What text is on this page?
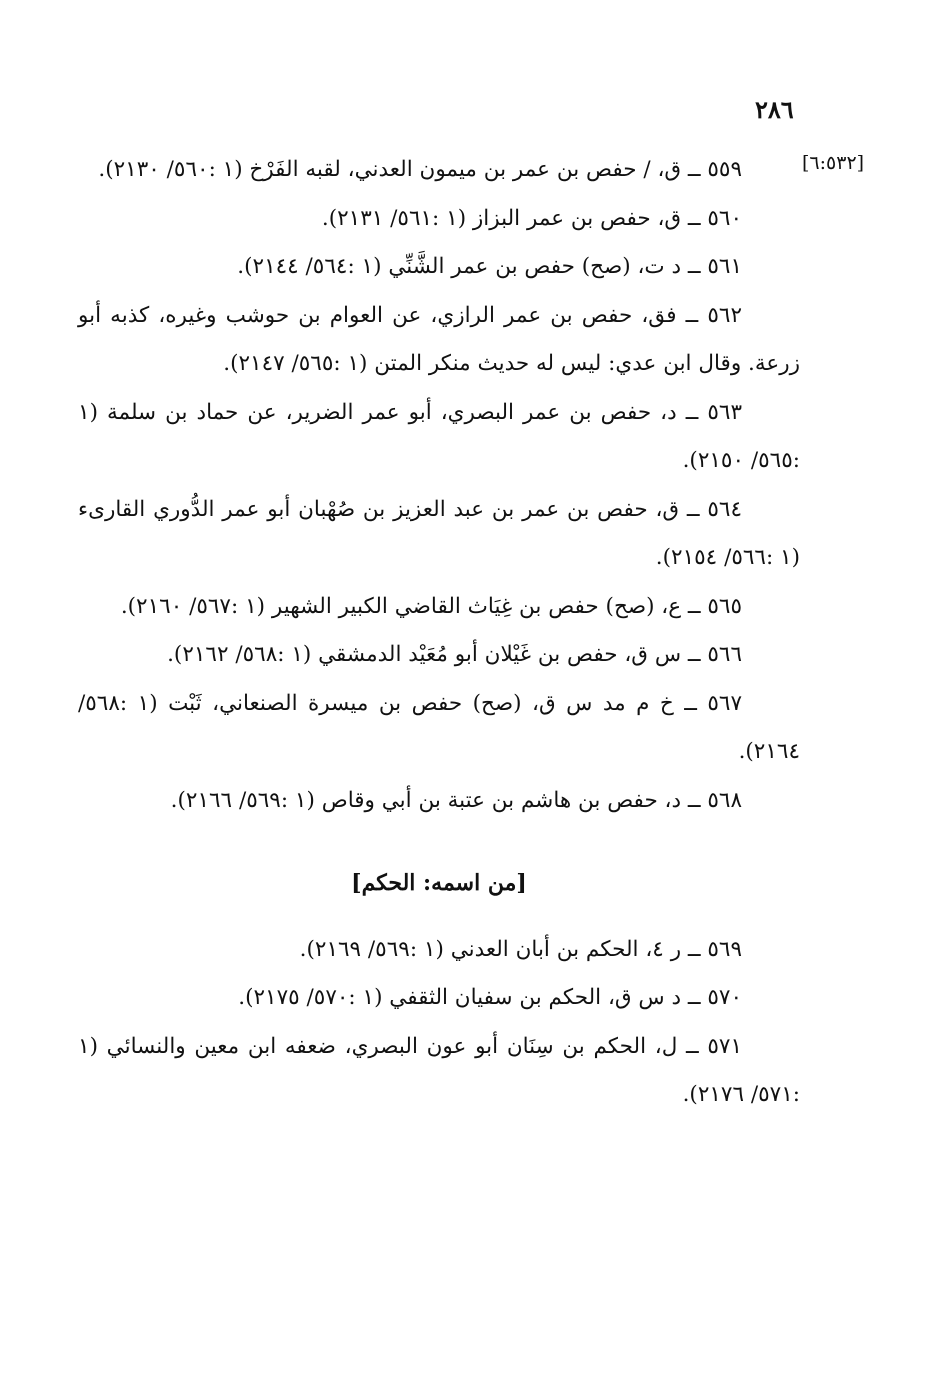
٢٨٦
[٦:٥٣٢]

٥٥٩ ــ ق، / حفص بن عمر بن ميمون العدني، لقبه الفَرْخ (١ :٥٦٠/ ٢١٣٠).

٥٦٠ ــ ق، حفص بن عمر البزاز (١ :٥٦١/ ٢١٣١).

٥٦١ ــ د ت، (صح) حفص بن عمر الشَّنِّي (١ :٥٦٤/ ٢١٤٤).

٥٦٢ ــ فق، حفص بن عمر الرازي، عن العوام بن حوشب وغيره، كذبه أبو زرعة. وقال ابن عدي: ليس له حديث منكر المتن (١ :٥٦٥/ ٢١٤٧).

٥٦٣ ــ د، حفص بن عمر البصري، أبو عمر الضرير، عن حماد بن سلمة (١ :٥٦٥/ ٢١٥٠).

٥٦٤ ــ ق، حفص بن عمر بن عبد العزيز بن صُهْبان أبو عمر الدُّوري القارىء (١ :٥٦٦/ ٢١٥٤).

٥٦٥ ــ ع، (صح) حفص بن غِيَاث القاضي الكبير الشهير (١ :٥٦٧/ ٢١٦٠).

٥٦٦ ــ س ق، حفص بن غَيْلان أبو مُعَيْد الدمشقي (١ :٥٦٨/ ٢١٦٢).

٥٦٧ ــ خ م مد س ق، (صح) حفص بن ميسرة الصنعاني، ثَبْت (١ :٥٦٨/ ٢١٦٤).

٥٦٨ ــ د، حفص بن هاشم بن عتبة بن أبي وقاص (١ :٥٦٩/ ٢١٦٦).

[من اسمه: الحكم]

٥٦٩ ــ ر ٤، الحكم بن أبان العدني (١ :٥٦٩/ ٢١٦٩).

٥٧٠ ــ د س ق، الحكم بن سفيان الثقفي (١ :٥٧٠/ ٢١٧٥).

٥٧١ ــ ل، الحكم بن سِنَان أبو عون البصري، ضعفه ابن معين والنسائي (١ :٥٧١/ ٢١٧٦).
